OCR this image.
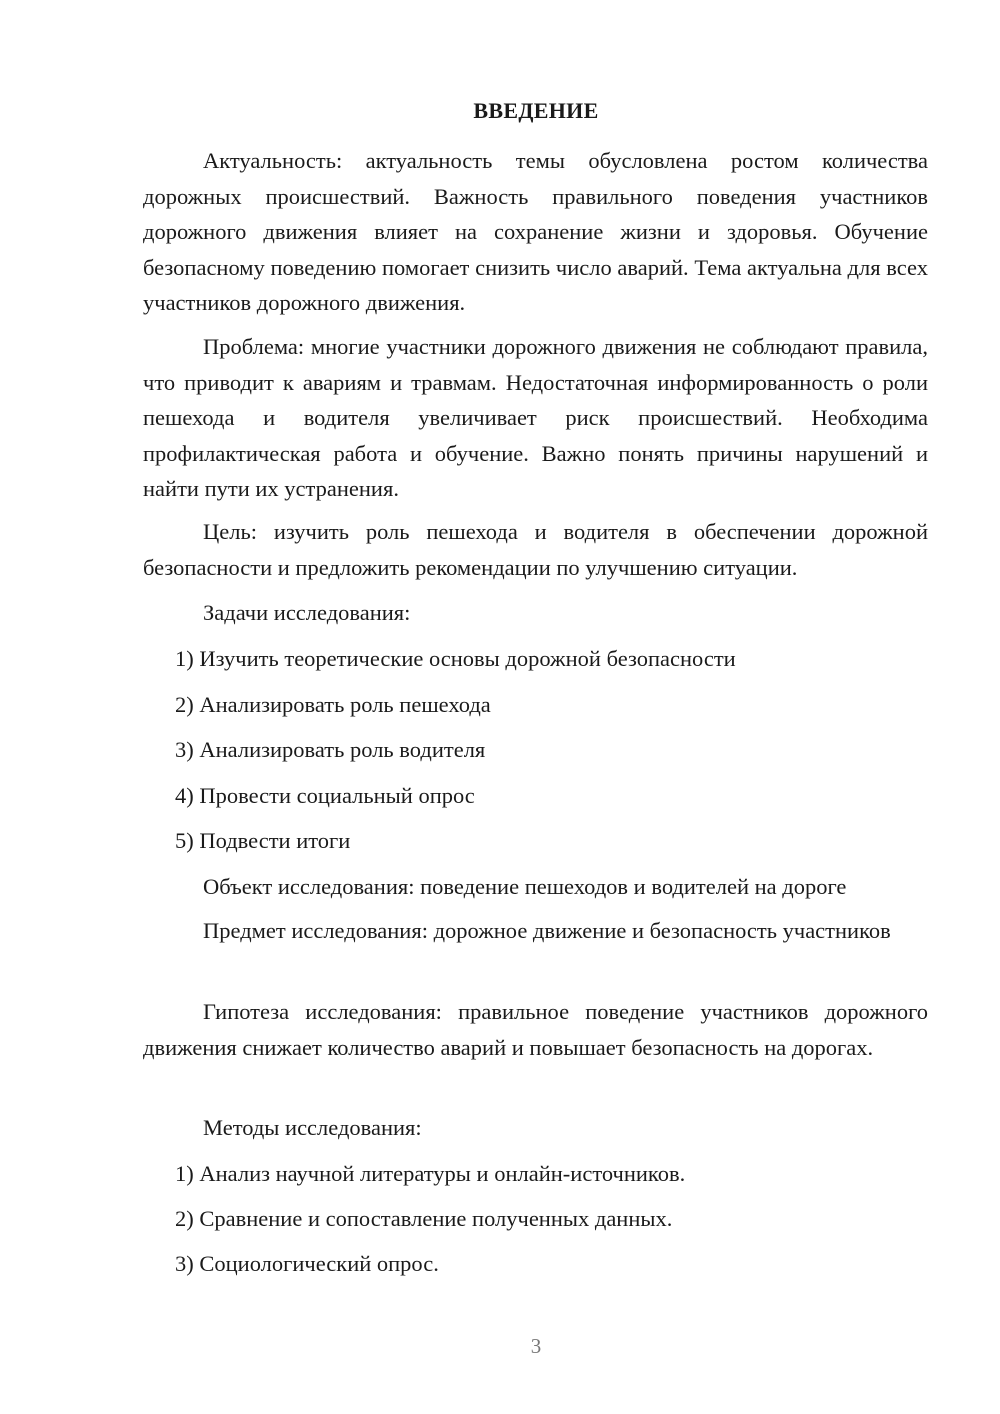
ВВЕДЕНИЕ

Актуальность: актуальность темы обусловлена ростом количества дорожных происшествий. Важность правильного поведения участников дорожного движения влияет на сохранение жизни и здоровья. Обучение безопасному поведению помогает снизить число аварий. Тема актуальна для всех участников дорожного движения.

Проблема: многие участники дорожного движения не соблюдают правила, что приводит к авариям и травмам. Недостаточная информированность о роли пешехода и водителя увеличивает риск происшествий. Необходима профилактическая работа и обучение. Важно понять причины нарушений и найти пути их устранения.

Цель: изучить роль пешехода и водителя в обеспечении дорожной безопасности и предложить рекомендации по улучшению ситуации.

Задачи исследования:
1) Изучить теоретические основы дорожной безопасности
2) Анализировать роль пешехода
3) Анализировать роль водителя
4) Провести социальный опрос
5) Подвести итоги
Объект исследования: поведение пешеходов и водителей на дороге

Предмет исследования: дорожное движение и безопасность участников

Гипотеза исследования: правильное поведение участников дорожного движения снижает количество аварий и повышает безопасность на дорогах.

Методы исследования:
1) Анализ научной литературы и онлайн-источников.
2) Сравнение и сопоставление полученных данных.
3) Социологический опрос.
3
